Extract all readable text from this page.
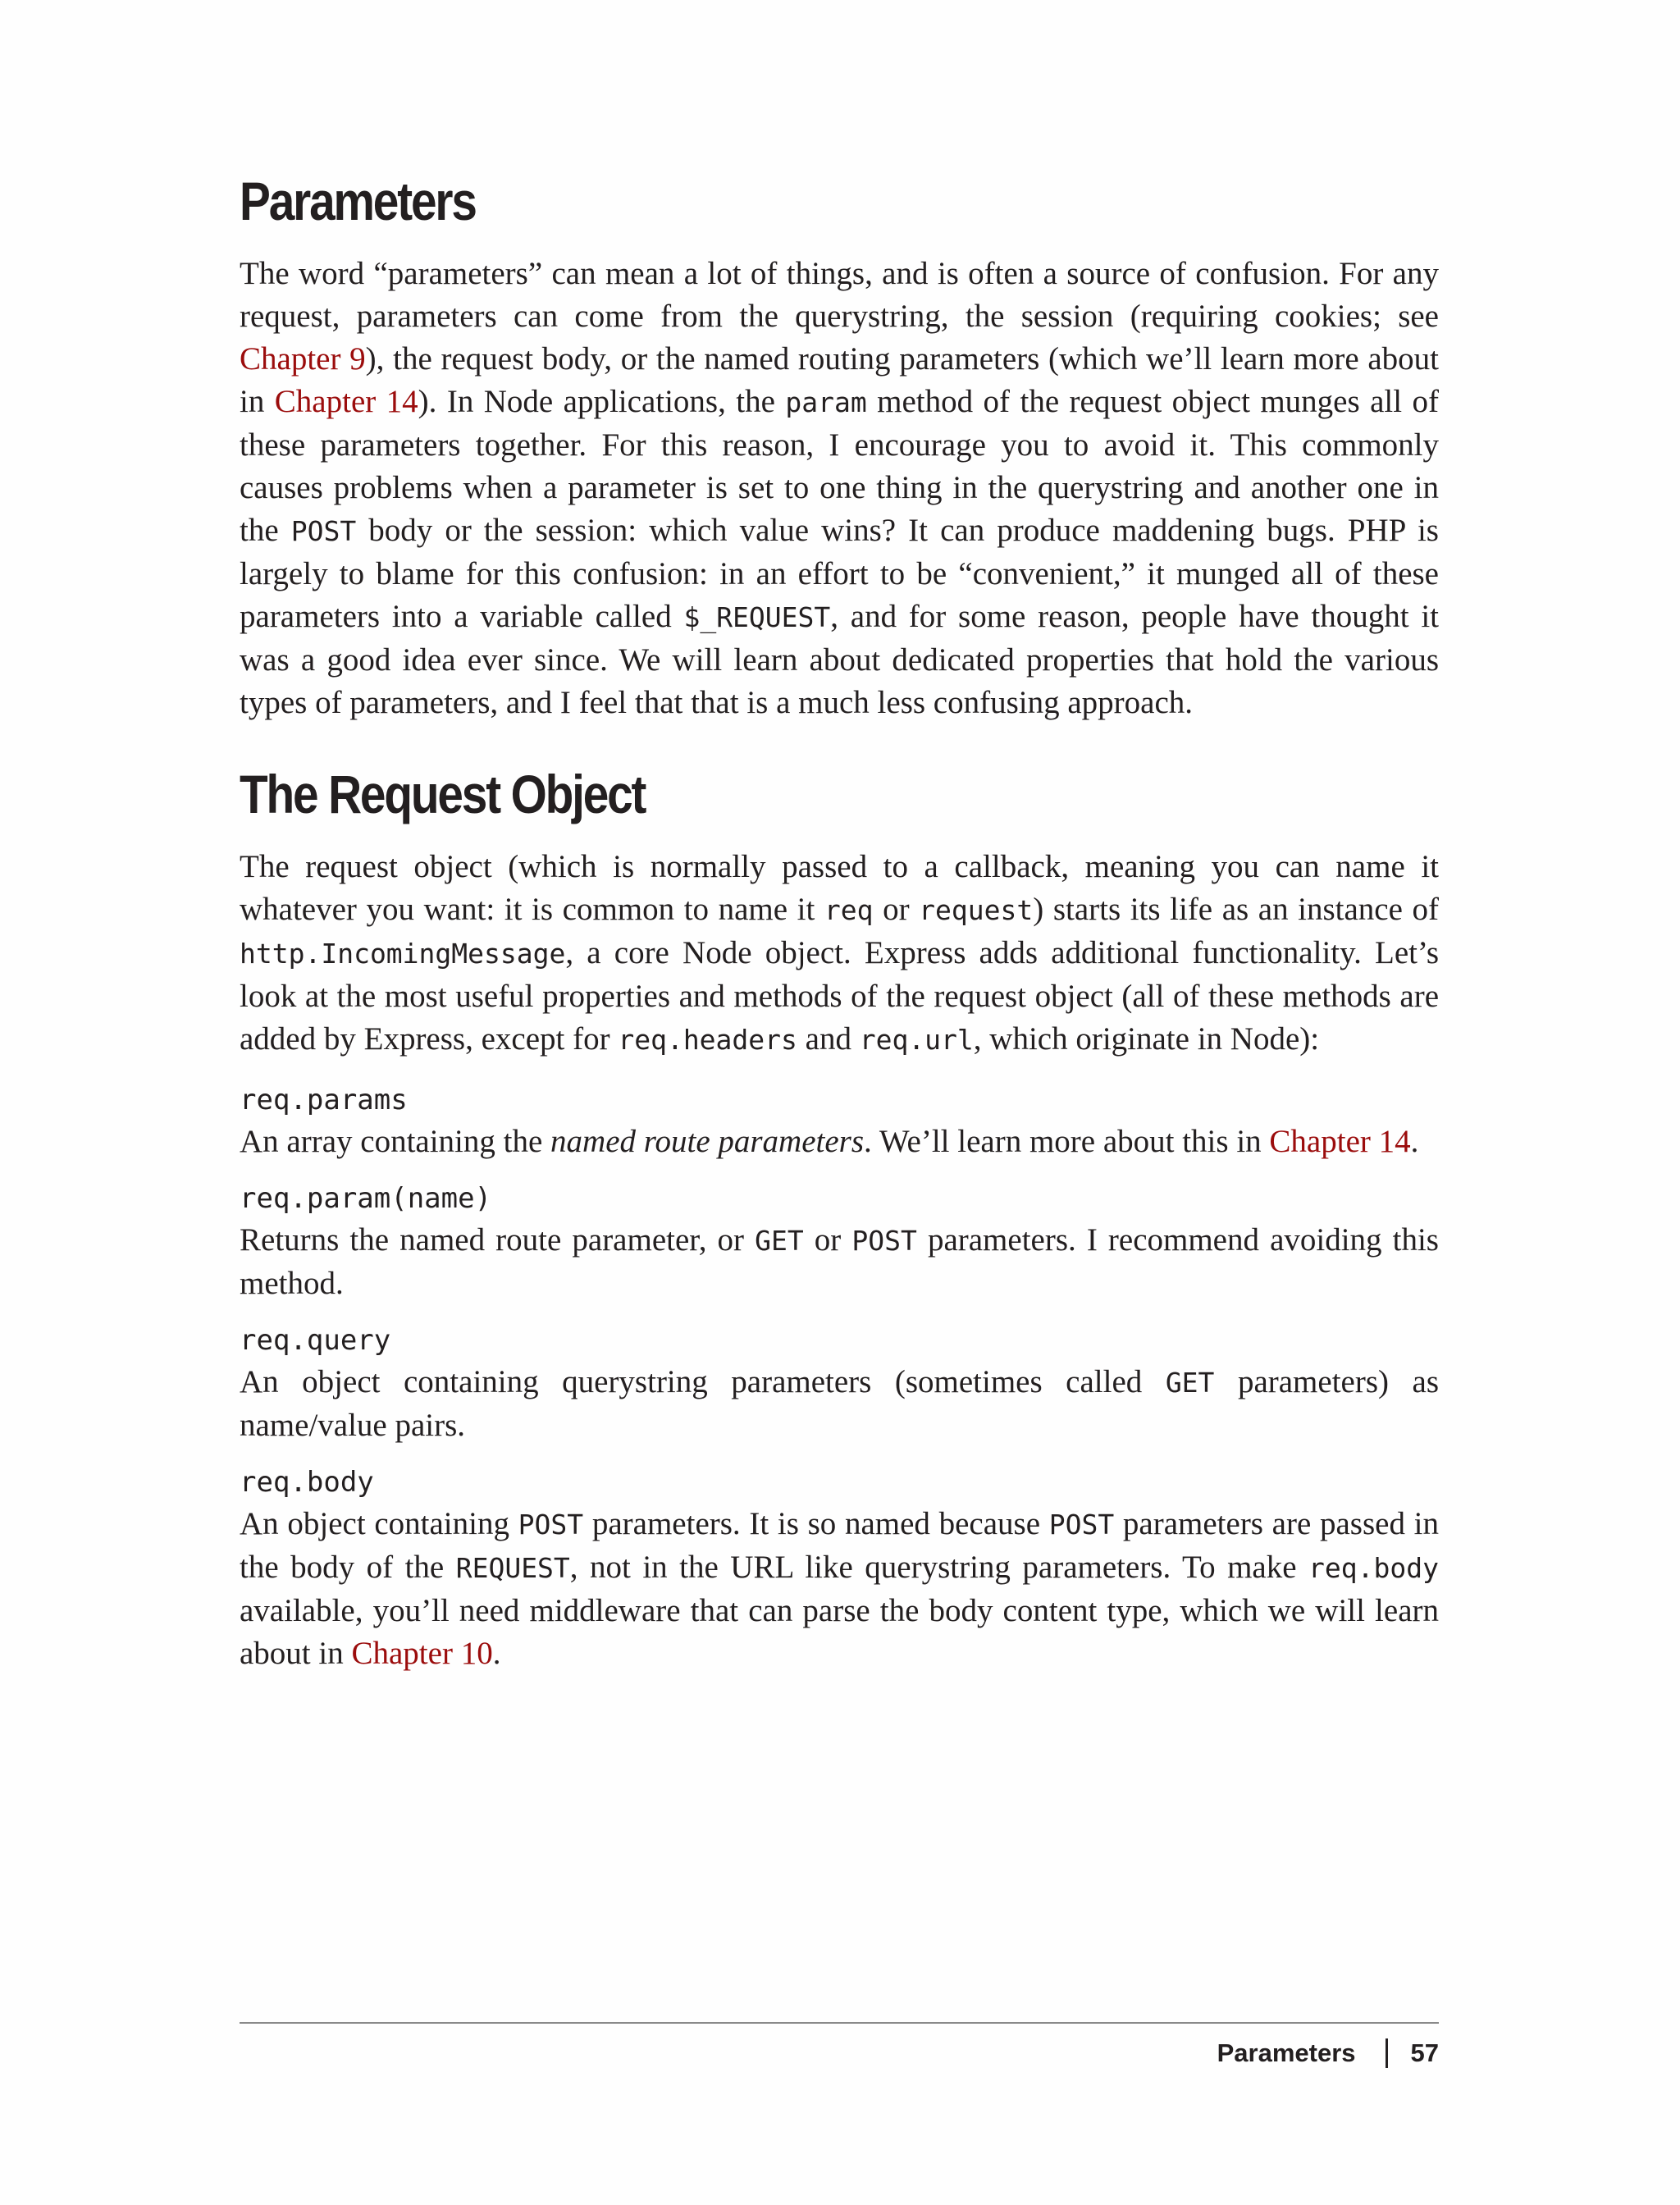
Parameters

The word “parameters” can mean a lot of things, and is often a source of confusion. For any request, parameters can come from the querystring, the session (requiring cookies; see Chapter 9), the request body, or the named routing parameters (which we’ll learn more about in Chapter 14). In Node applications, the param method of the request object munges all of these parameters together. For this reason, I encourage you to avoid it. This commonly causes problems when a parameter is set to one thing in the querystring and another one in the POST body or the session: which value wins? It can produce maddening bugs. PHP is largely to blame for this confusion: in an effort to be “convenient,” it munged all of these parameters into a variable called $_REQUEST, and for some reason, people have thought it was a good idea ever since. We will learn about dedicated properties that hold the various types of parameters, and I feel that that is a much less confusing approach.

The Request Object

The request object (which is normally passed to a callback, meaning you can name it whatever you want: it is common to name it req or request) starts its life as an instance of http.IncomingMessage, a core Node object. Express adds additional functionality. Let’s look at the most useful properties and methods of the request object (all of these methods are added by Express, except for req.headers and req.url, which originate in Node):

req.params
An array containing the named route parameters. We’ll learn more about this in Chapter 14.
req.param(name)
Returns the named route parameter, or GET or POST parameters. I recommend avoiding this method.
req.query
An object containing querystring parameters (sometimes called GET parameters) as name/value pairs.
req.body
An object containing POST parameters. It is so named because POST parameters are passed in the body of the REQUEST, not in the URL like querystring parameters. To make req.body available, you’ll need middleware that can parse the body content type, which we will learn about in Chapter 10.
Parameters 57
